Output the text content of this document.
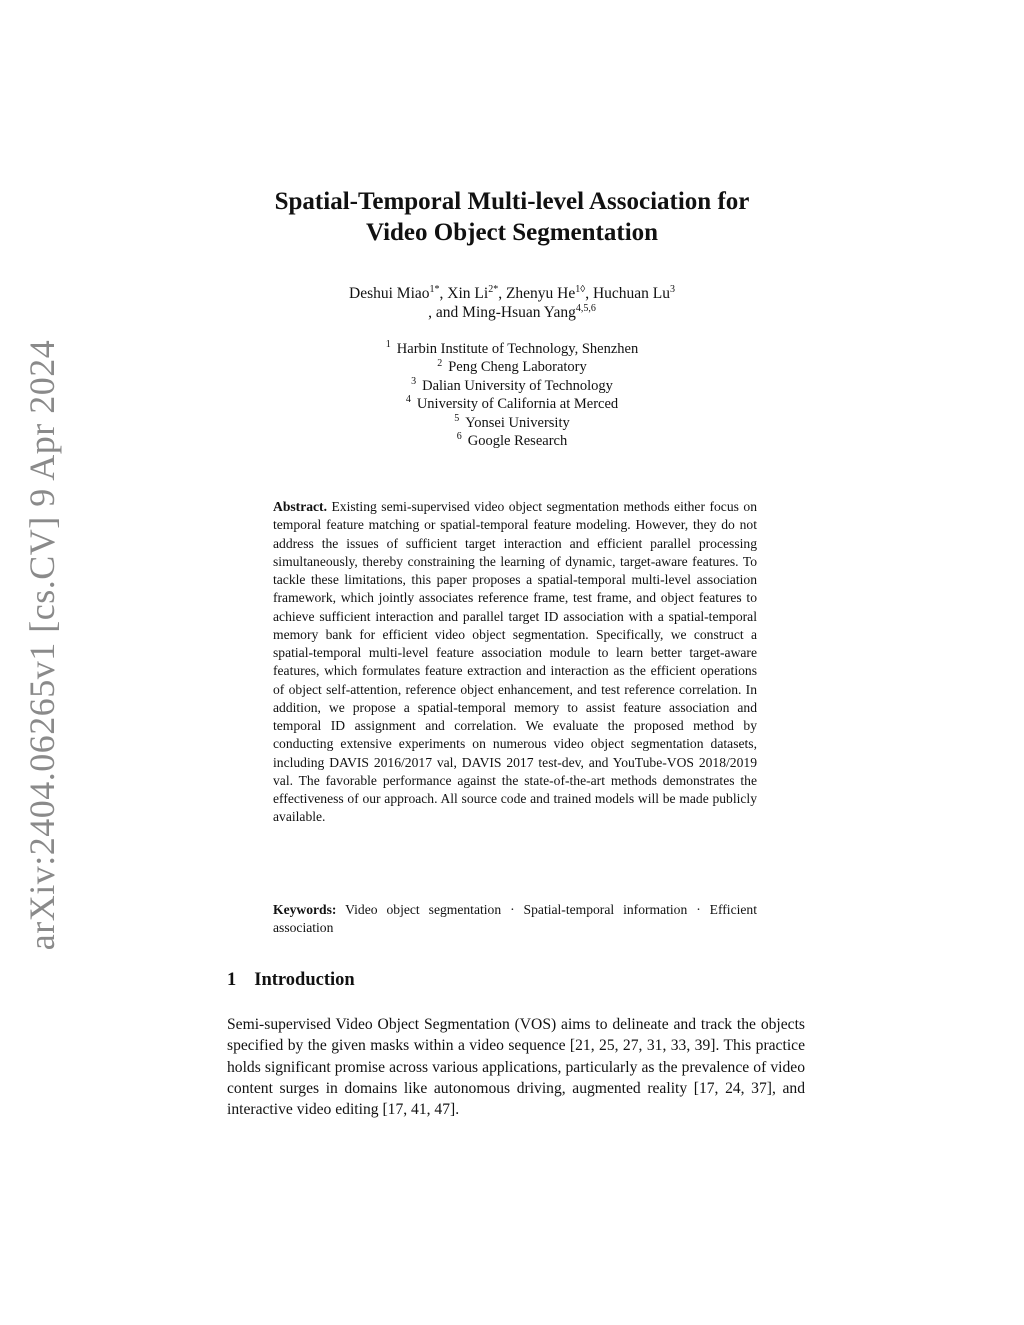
arXiv:2404.06265v1 [cs.CV] 9 Apr 2024
Spatial-Temporal Multi-level Association for
Video Object Segmentation
Deshui Miao$^{1*}$, Xin $Li^{2*}$, Zhenyu $He^{1◊}$, Huchuan Lu$^3$
, and Ming-Hsuan Yang$^{4,5,6}$
$^1$ Harbin Institute of Technology, Shenzhen
$^2$ Peng Cheng Laboratory
$^3$ Dalian University of Technology
$^4$ University of California at Merced
$^5$ Yonsei University
$^6$ Google Research
Abstract. Existing semi-supervised video object segmentation methods either focus on temporal feature matching or spatial-temporal feature modeling. However, they do not address the issues of sufficient target interaction and efficient parallel processing simultaneously, thereby constraining the learning of dynamic, target-aware features. To tackle these limitations, this paper proposes a spatial-temporal multi-level association framework, which jointly associates reference frame, test frame, and object features to achieve sufficient interaction and parallel target ID association with a spatial-temporal memory bank for efficient video object segmentation. Specifically, we construct a spatial-temporal multi-level feature association module to learn better target-aware features, which formulates feature extraction and interaction as the efficient operations of object self-attention, reference object enhancement, and test reference correlation. In addition, we propose a spatial-temporal memory to assist feature association and temporal ID assignment and correlation. We evaluate the proposed method by conducting extensive experiments on numerous video object segmentation datasets, including DAVIS 2016/2017 val, DAVIS 2017 test-dev, and YouTube-VOS 2018/2019 val. The favorable performance against the state-of-the-art methods demonstrates the effectiveness of our approach. All source code and trained models will be made publicly available.
Keywords: Video object segmentation · Spatial-temporal information · Efficient association
1 Introduction
Semi-supervised Video Object Segmentation (VOS) aims to delineate and track the objects specified by the given masks within a video sequence [21, 25, 27, 31, 33, 39]. This practice holds significant promise across various applications, particularly as the prevalence of video content surges in domains like autonomous driving, augmented reality [17, 24, 37], and interactive video editing [17, 41, 47].
